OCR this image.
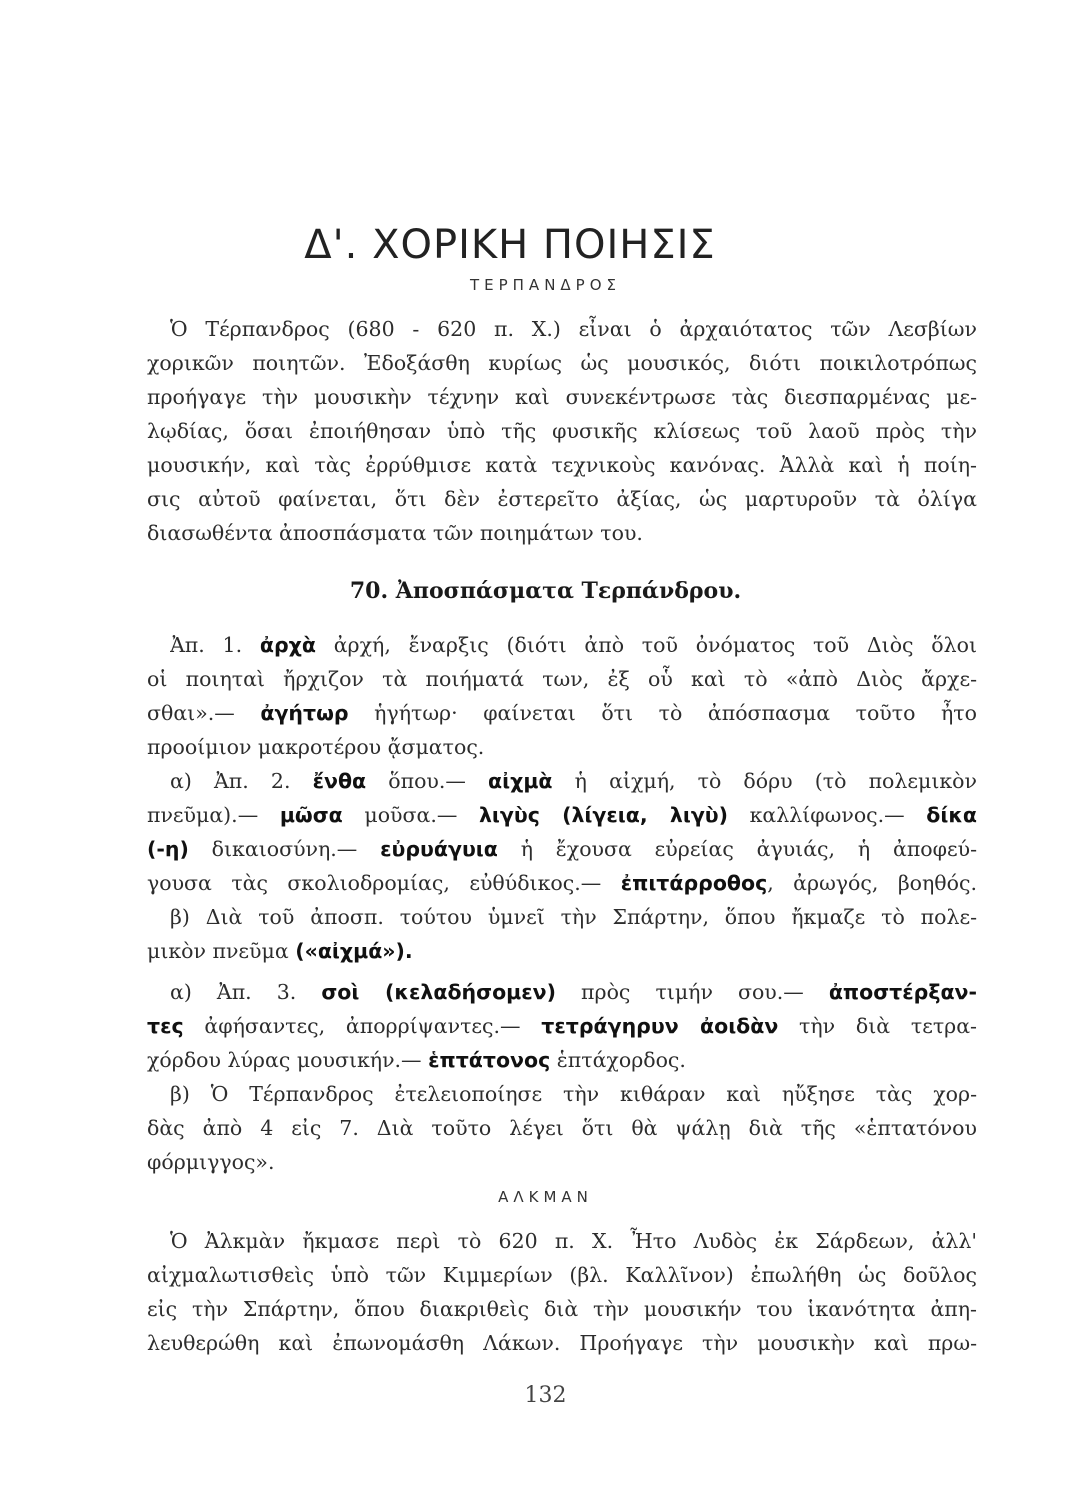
Δ'. ΧΟΡΙΚΗ ΠΟΙΗΣΙΣ
ΤΕΡΠΑΝΔΡΟΣ
Ὁ Τέρπανδρος (680 - 620 π. Χ.) εἶναι ὁ ἀρχαιότατος τῶν Λεσβίων
χορικῶν ποιητῶν. Ἐδοξάσθη κυρίως ὡς μουσικός, διότι ποικιλοτρόπως
προήγαγε τὴν μουσικὴν τέχνην καὶ συνεκέντρωσε τὰς διεσπαρμένας με-
λῳδίας, ὅσαι ἐποιήθησαν ὑπὸ τῆς φυσικῆς κλίσεως τοῦ λαοῦ πρὸς τὴν
μουσικήν, καὶ τὰς ἐρρύθμισε κατὰ τεχνικοὺς κανόνας. Ἀλλὰ καὶ ἡ ποίη-
σις αὐτοῦ φαίνεται, ὅτι δὲν ἐστερεῖτο ἀξίας, ὡς μαρτυροῦν τὰ ὀλίγα
διασωθέντα ἀποσπάσματα τῶν ποιημάτων του.
70. Ἀποσπάσματα Τερπάνδρου.
Ἀπ. 1. ἀρχὰ ἀρχή, ἔναρξις (διότι ἀπὸ τοῦ ὀνόματος τοῦ Διὸς ὅλοι
οἱ ποιηταὶ ἤρχιζον τὰ ποιήματά των, ἐξ οὗ καὶ τὸ «ἀπὸ Διὸς ἄρχε-
σθαι».— ἀγήτωρ ἡγήτωρ· φαίνεται ὅτι τὸ ἀπόσπασμα τοῦτο ἦτο
προοίμιον μακροτέρου ᾄσματος.
α) Ἀπ. 2. ἔνθα ὅπου.— αἰχμὰ ἡ αἰχμή, τὸ δόρυ (τὸ πολεμικὸν
πνεῦμα).— μῶσα μοῦσα.— λιγὺς (λίγεια, λιγὺ) καλλίφωνος.— δίκα
(-η) δικαιοσύνη.— εὐρυάγυια ἡ ἔχουσα εὐρείας ἀγυιάς, ἡ ἀποφεύ-
γουσα τὰς σκολιοδρομίας, εὐθύδικος.— ἐπιτάρροθος, ἀρωγός, βοηθός.
β) Διὰ τοῦ ἀποσπ. τούτου ὑμνεῖ τὴν Σπάρτην, ὅπου ἤκμαζε τὸ πολε-
μικὸν πνεῦμα («αἰχμά»).
α) Ἀπ. 3. σοὶ (κελαδήσομεν) πρὸς τιμήν σου.— ἀποστέρξαν-
τες ἀφήσαντες, ἀπορρίψαντες.— τετράγηρυν ἀοιδὰν τὴν διὰ τετρα-
χόρδου λύρας μουσικήν.— ἑπτάτονος ἑπτάχορδος.
β) Ὁ Τέρπανδρος ἐτελειοποίησε τὴν κιθάραν καὶ ηὔξησε τὰς χορ-
δὰς ἀπὸ 4 εἰς 7. Διὰ τοῦτο λέγει ὅτι θὰ ψάλῃ διὰ τῆς «ἑπτατόνου
φόρμιγγος».
ΑΛΚΜΑΝ
Ὁ Ἀλκμὰν ἤκμασε περὶ τὸ 620 π. Χ. Ἦτο Λυδὸς ἐκ Σάρδεων, ἀλλ'
αἰχμαλωτισθεὶς ὑπὸ τῶν Κιμμερίων (βλ. Καλλῖνον) ἐπωλήθη ὡς δοῦλος
εἰς τὴν Σπάρτην, ὅπου διακριθεὶς διὰ τὴν μουσικήν του ἱκανότητα ἀπη-
λευθερώθη καὶ ἐπωνομάσθη Λάκων. Προήγαγε τὴν μουσικὴν καὶ πρω-
132
